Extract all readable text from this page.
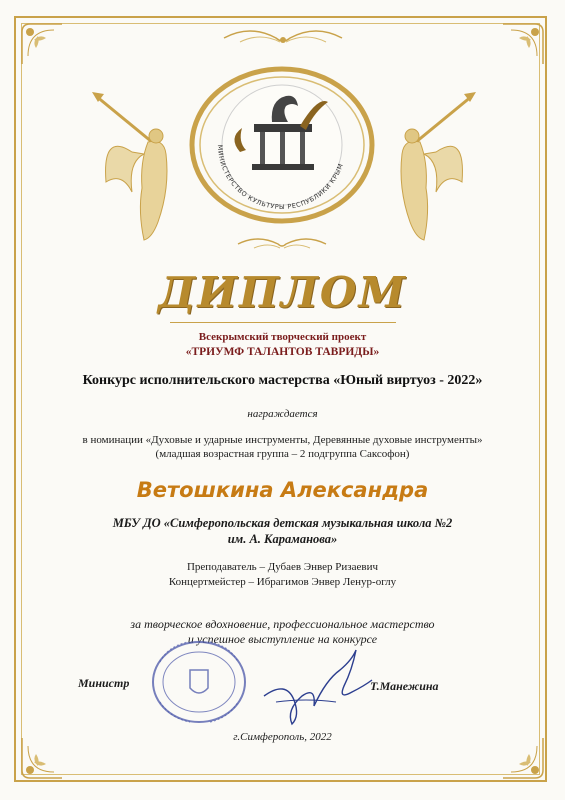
МИНИСТЕРСТВО КУЛЬТУРЫ РЕСПУБЛИКИ КРЫМ
ДИПЛОМ
Всекрымский творческий проект
«ТРИУМФ ТАЛАНТОВ ТАВРИДЫ»
Конкурс исполнительского мастерства «Юный виртуоз - 2022»
награждается
в номинации «Духовые и ударные инструменты, Деревянные духовые инструменты»
(младшая возрастная группа – 2 подгруппа Саксофон)
Ветошкина Александра
МБУ ДО «Симферопольская детская музыкальная школа №2
им. А. Караманова»
Преподаватель – Дубаев Энвер Ризаевич
Концертмейстер – Ибрагимов Энвер Ленур-оглу
за творческое вдохновение, профессиональное мастерство
и успешное выступление на конкурсе
Министр	Т.Манежина
г.Симферополь, 2022
